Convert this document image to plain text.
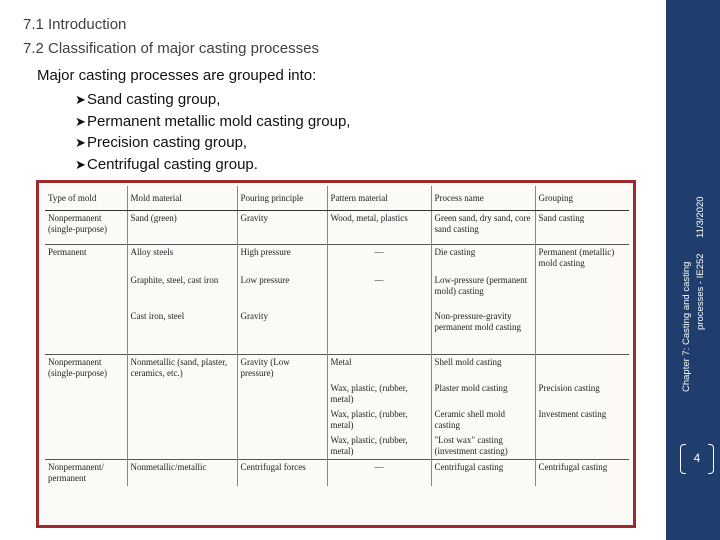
7.1 Introduction
7.2 Classification of major casting processes
Major casting processes are grouped into:
➤Sand casting group,
➤Permanent metallic mold casting group,
➤Precision casting group,
➤Centrifugal casting group.
Type of mold	Mold material	Pouring principle	Pattern material	Process name	Grouping
Nonpermanent (single-purpose)	Sand (green)	Gravity	Wood, metal, plastics	Green sand, dry sand, core sand casting	Sand casting
Permanent	Alloy steels	High pressure	—	Die casting	Permanent (metallic) mold casting
	Graphite, steel, cast iron	Low pressure	—	Low-pressure (permanent mold) casting	
	Cast iron, steel	Gravity		Non-pressure-gravity permanent mold casting	
Nonpermanent (single-purpose)	Nonmetallic (sand, plaster, ceramics, etc.)	Gravity (Low pressure)	Metal	Shell mold casting	
			Wax, plastic, (rubber, metal)	Plaster mold casting	Precision casting
			Wax, plastic, (rubber, metal)	Ceramic shell mold casting	Investment casting
			Wax, plastic, (rubber, metal)	"Lost wax" casting (investment casting)	
Nonpermanent/ permanent	Nonmetallic/metallic	Centrifugal forces	—	Centrifugal casting	Centrifugal casting
11/3/2020
Chapter 7: Casting and casting processes - IE252
4
